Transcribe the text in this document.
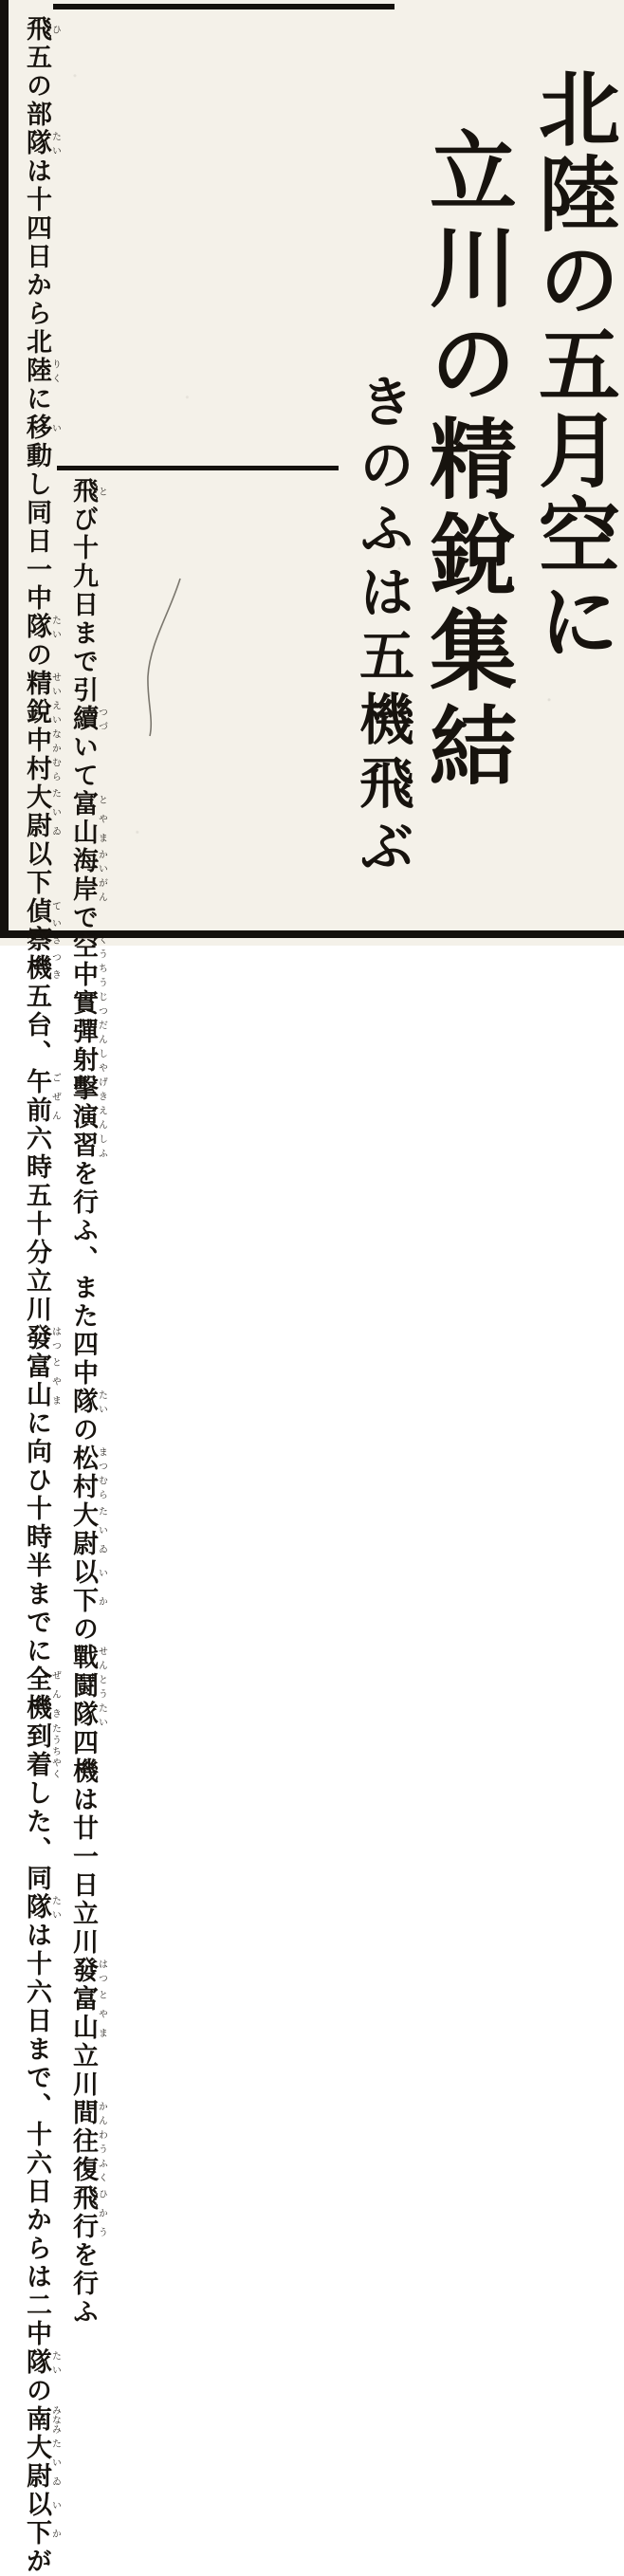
北陸の五月空に
立川の精銳集結
きのふは五機飛ぶ

飛ひ五の部隊たいは十四日から北陸りくに移い

動し同日一中隊たいの精銳せいえい中村なかむら大尉たいゐ以

下偵察機ていさつき五台、午前ごぜん六時五十分立

川發はつ富山とやまに向ひ十時半までに全機ぜんき

到着たうちやくした、同隊たいは十六日まで、十

六日からは二中隊たいの南みなみ大尉たいゐ以下いかが

飛とび十九日まで引續つづいて富山とやま海岸かいがん

で空中くうちう實彈じつだん射擊しやげき演習えんしふを行ふ、また

四中隊たいの松村まつむら大尉たいゐ以下いかの戰鬪隊せんとうたい四

機は廿一日立川發はつ富山とやま立川間かん往復わうふく

飛行ひかうを行ふ
